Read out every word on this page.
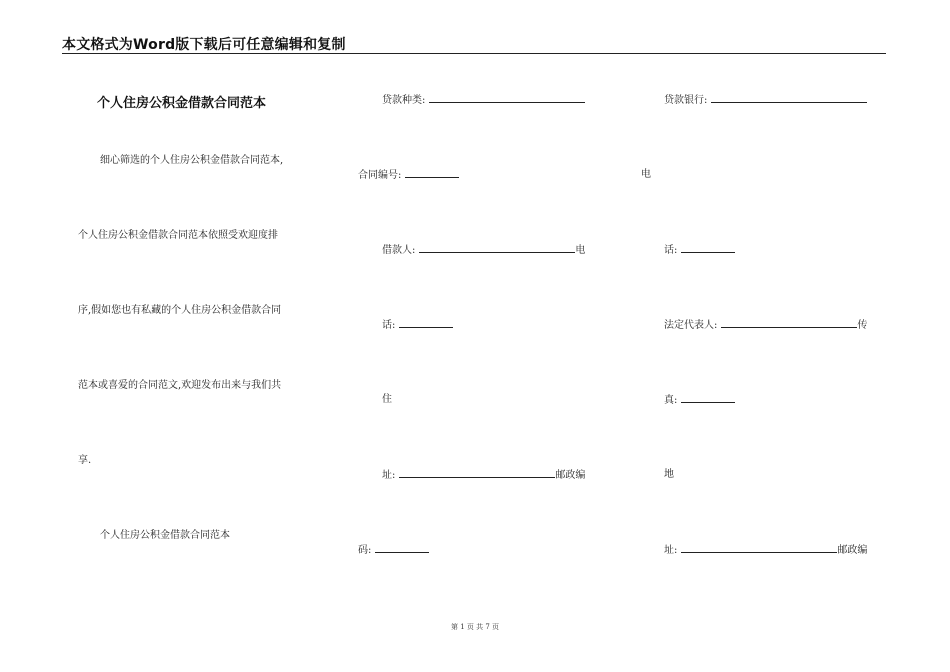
本文格式为Word版下载后可任意编辑和复制
个人住房公积金借款合同范本
细心筛选的个人住房公积金借款合同范本,
个人住房公积金借款合同范本依照受欢迎度排
序,假如您也有私藏的个人住房公积金借款合同
范本或喜爱的合同范文,欢迎发布出来与我们共
享.
个人住房公积金借款合同范本
贷款种类:
合同编号:
借款人:	电
话:
住
址:	邮政编
码:
贷款银行:
电
话:
法定代表人:	传
真:
地
址:	邮政编
第 1 页 共 7 页
